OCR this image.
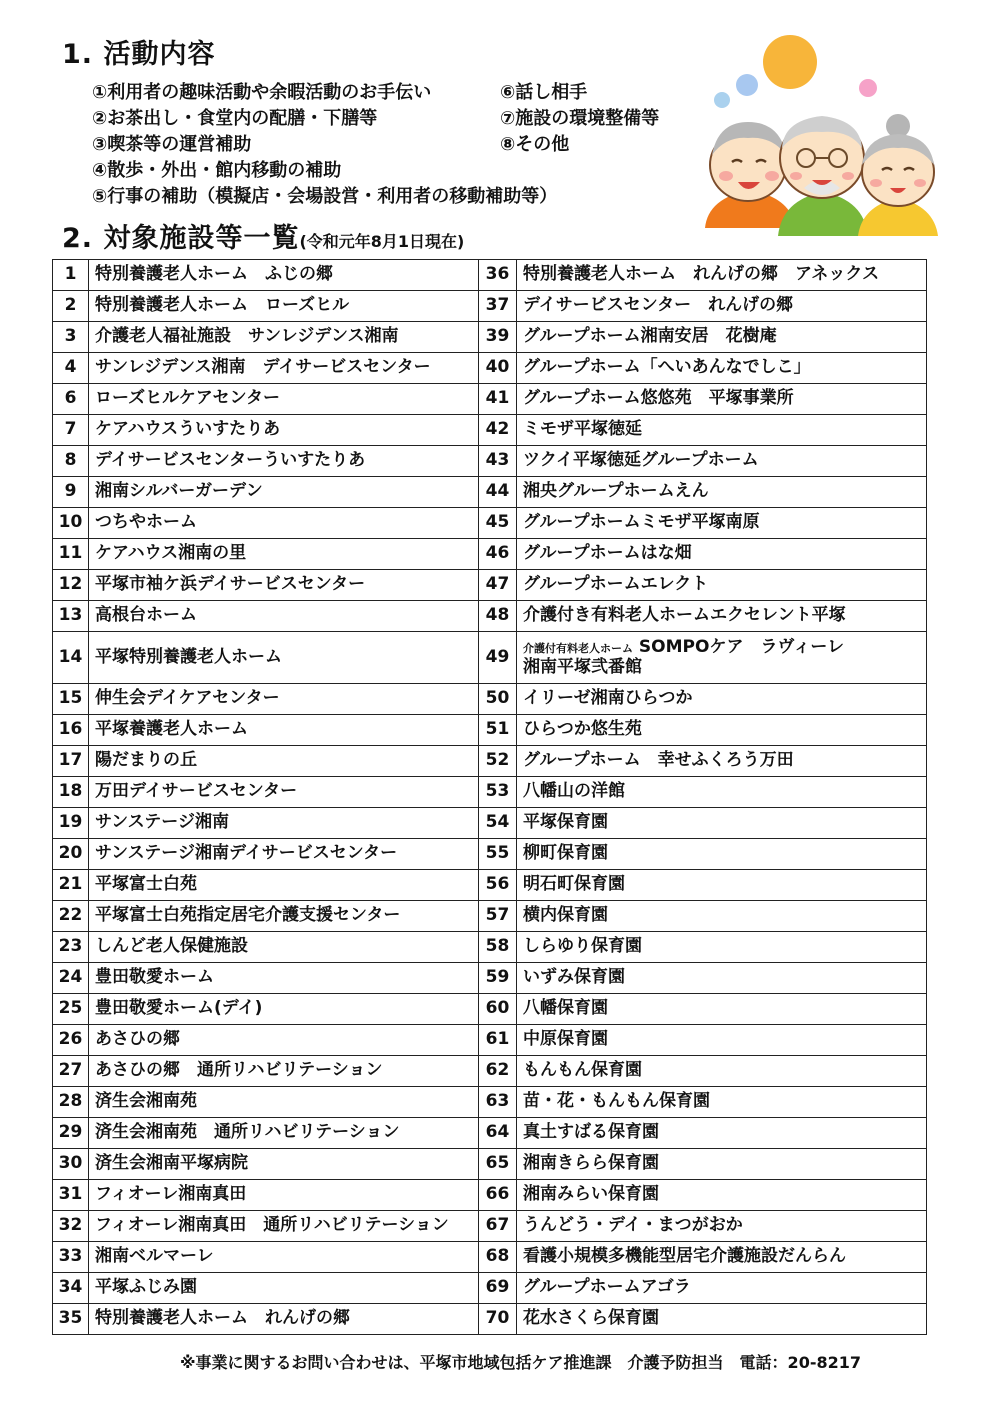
1. 活動内容
①利用者の趣味活動や余暇活動のお手伝い
②お茶出し・食堂内の配膳・下膳等
③喫茶等の運営補助
④散歩・外出・館内移動の補助
⑤行事の補助（模擬店・会場設営・利用者の移動補助等）
⑥話し相手
⑦施設の環境整備等
⑧その他
2. 対象施設等一覧(令和元年8月1日現在)
1	特別養護老人ホーム　ふじの郷	36	特別養護老人ホーム　れんげの郷　アネックス
2	特別養護老人ホーム　ローズヒル	37	デイサービスセンター　れんげの郷
3	介護老人福祉施設　サンレジデンス湘南	39	グループホーム湘南安居　花樹庵
4	サンレジデンス湘南　デイサービスセンター	40	グループホーム「へいあんなでしこ」
6	ローズヒルケアセンター	41	グループホーム悠悠苑　平塚事業所
7	ケアハウスういすたりあ	42	ミモザ平塚徳延
8	デイサービスセンターういすたりあ	43	ツクイ平塚徳延グループホーム
9	湘南シルバーガーデン	44	湘央グループホームえん
10	つちやホーム	45	グループホームミモザ平塚南原
11	ケアハウス湘南の里	46	グループホームはな畑
12	平塚市袖ケ浜デイサービスセンター	47	グループホームエレクト
13	高根台ホーム	48	介護付き有料老人ホームエクセレント平塚
14	平塚特別養護老人ホーム	49	介護付有料老人ホーム SOMPOケア　ラヴィーレ
湘南平塚弐番館

15	伸生会デイケアセンター	50	イリーゼ湘南ひらつか
16	平塚養護老人ホーム	51	ひらつか悠生苑
17	陽だまりの丘	52	グループホーム　幸せふくろう万田
18	万田デイサービスセンター	53	八幡山の洋館
19	サンステージ湘南	54	平塚保育園
20	サンステージ湘南デイサービスセンター	55	柳町保育園
21	平塚富士白苑	56	明石町保育園
22	平塚富士白苑指定居宅介護支援センター	57	横内保育園
23	しんど老人保健施設	58	しらゆり保育園
24	豊田敬愛ホーム	59	いずみ保育園
25	豊田敬愛ホーム(デイ)	60	八幡保育園
26	あさひの郷	61	中原保育園
27	あさひの郷　通所リハビリテーション	62	もんもん保育園
28	済生会湘南苑	63	苗・花・もんもん保育園
29	済生会湘南苑　通所リハビリテーション	64	真土すばる保育園
30	済生会湘南平塚病院	65	湘南きらら保育園
31	フィオーレ湘南真田	66	湘南みらい保育園
32	フィオーレ湘南真田　通所リハビリテーション	67	うんどう・デイ・まつがおか
33	湘南ベルマーレ	68	看護小規模多機能型居宅介護施設だんらん
34	平塚ふじみ園	69	グループホームアゴラ
35	特別養護老人ホーム　れんげの郷	70	花水さくら保育園
※事業に関するお問い合わせは、平塚市地域包括ケア推進課　介護予防担当　電話：20-8217
